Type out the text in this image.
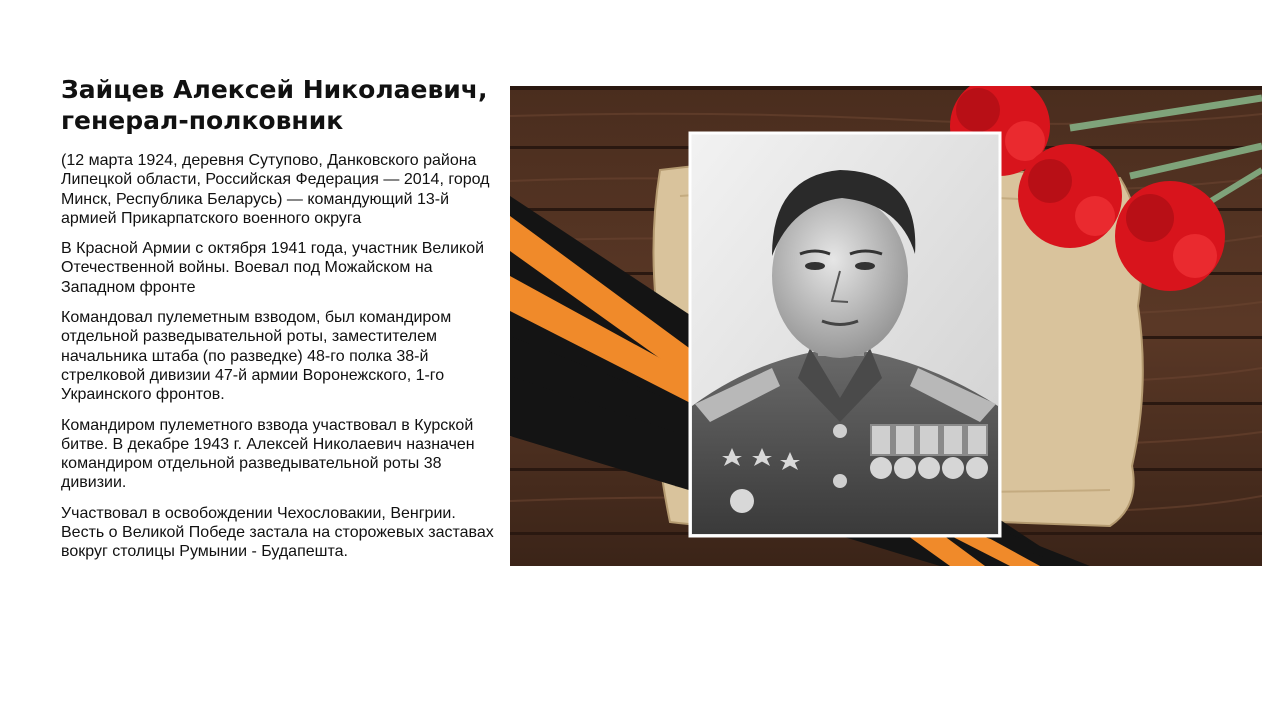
Зайцев Алексей Николаевич,
генерал-полковник

(12 марта 1924, деревня Сутупово, Данковского района Липецкой области, Российская Федерация — 2014, город Минск, Республика Беларусь) — командующий 13-й армией Прикарпатского военного округа

В Красной Армии с октября 1941 года, участник Великой Отечественной войны. Воевал под Можайском на Западном фронте

Командовал пулеметным взводом, был командиром отдельной разведывательной роты, заместителем начальника штаба (по разведке) 48-го полка 38-й стрелковой дивизии 47-й армии Воронежского, 1-го Украинского фронтов.

Командиром пулеметного взвода участвовал в Курской битве. В декабре 1943 г. Алексей Николаевич назначен командиром отдельной разведывательной роты 38 дивизии.

Участвовал в освобождении Чехословакии, Венгрии. Весть о Великой Победе застала на сторожевых заставах вокруг столицы Румынии - Будапешта.
